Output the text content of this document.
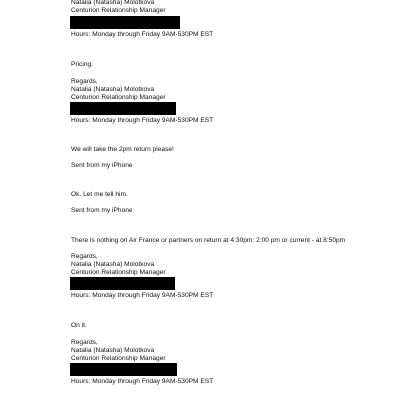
Natalia (Natasha) Molotkova
Centurion Relationship Manager
Hours: Monday through Friday 9AM-530PM EST
Pricing.
Regards,
Natalia (Natasha) Molotkova
Centurion Relationship Manager
Hours: Monday through Friday 9AM-530PM EST
We will take the 2pm return please!
Sent from my iPhone
Ok. Let me tell him.
Sent from my iPhone
There is nothing on Air France or partners on return at 4:30pm: 2:00 pm or current - at 8:50pm
Regards,
Natalia (Natasha) Molotkova
Centurion Relationship Manager
Hours: Monday through Friday 9AM-530PM EST
On it.
Regards,
Natalia (Natasha) Molotkova
Centurion Relationship Manager
Hours: Monday through Friday 9AM-530PM EST
